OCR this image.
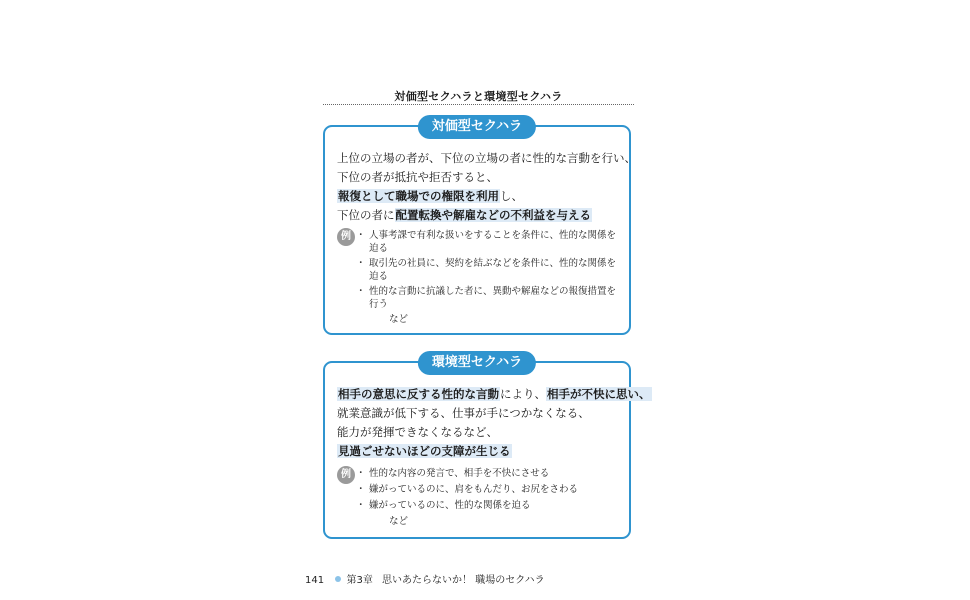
対価型セクハラと環境型セクハラ
対価型セクハラ
上位の立場の者が、下位の立場の者に性的な言動を行い、
下位の者が抵抗や拒否すると、
報復として職場での権限を利用し、
下位の者に配置転換や解雇などの不利益を与える
例	・ 人事考課で有利な扱いをすることを条件に、性的な関係を迫る
・ 取引先の社員に、契約を結ぶなどを条件に、性的な関係を迫る
・ 性的な言動に抗議した者に、異動や解雇などの報復措置を行う
など
環境型セクハラ
相手の意思に反する性的な言動により、相手が不快に思い、
就業意識が低下する、仕事が手につかなくなる、
能力が発揮できなくなるなど、
見過ごせないほどの支障が生じる
例	・ 性的な内容の発言で、相手を不快にさせる
・ 嫌がっているのに、肩をもんだり、お尻をさわる
・ 嫌がっているのに、性的な関係を迫る
など
141 第3章 思いあたらないか！ 職場のセクハラ
